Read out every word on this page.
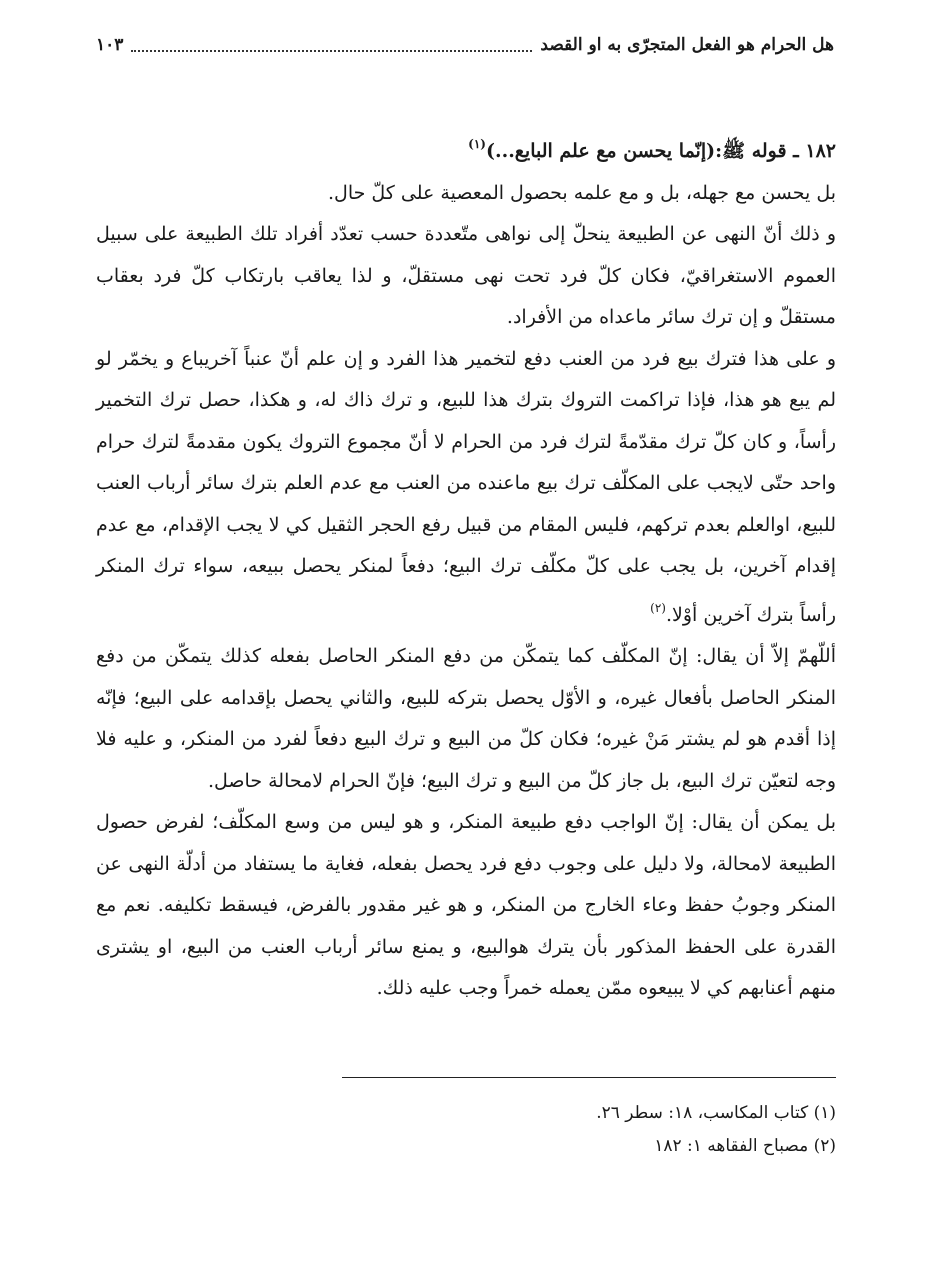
هل الحرام هو الفعل المتجرّى به او القصد
١٠٣

١٨٢ ـ قوله ﷺ:(إنّما يحسن مع علم البايع...)$^{(١)}$

بل يحسن مع جهله، بل و مع علمه بحصول المعصية على كلّ حال.

و ذلك أنّ النهى عن الطبيعة ينحلّ إلى نواهى متّعددة حسب تعدّد أفراد تلك الطبيعة على سبيل العموم الاستغراقيّ، فكان كلّ فرد تحت نهى مستقلّ، و لذا يعاقب بارتكاب كلّ فرد بعقاب مستقلّ و إن ترك سائر ماعداه من الأفراد.

و على هذا فترك بيع فرد من العنب دفع لتخمير هذا الفرد و إن علم أنّ عنباً آخريباع و يخمّر لو لم يبع هو هذا، فإذا تراكمت التروك بترك هذا للبيع، و ترك ذاك له، و هكذا، حصل ترك التخمير رأساً، و كان كلّ ترك مقدّمةً لترك فرد من الحرام لا أنّ مجموع التروك يكون مقدمةً لترك حرام واحد حتّى لايجب على المكلّف ترك بيع ماعنده من العنب مع عدم العلم بترك سائر أرباب العنب للبيع، اوالعلم بعدم تركهم، فليس المقام من قبيل رفع الحجر الثقيل كي لا يجب الإقدام، مع عدم إقدام آخرين، بل يجب على كلّ مكلّف ترك البيع؛ دفعاً لمنكر يحصل ببيعه، سواء ترك المنكر رأساً بترك آخرين أوْلا.$^{(٢)}$

أللّهمّ إلاّ أن يقال: إنّ المكلّف كما يتمكّن من دفع المنكر الحاصل بفعله كذلك يتمكّن من دفع المنكر الحاصل بأفعال غيره، و الأوّل يحصل بتركه للبيع، والثاني يحصل بإقدامه على البيع؛ فإنّه إذا أقدم هو لم يشتر مَنْ غيره؛ فكان كلّ من البيع و ترك البيع دفعاً لفرد من المنكر، و عليه فلا وجه لتعيّن ترك البيع، بل جاز كلّ من البيع و ترك البيع؛ فإنّ الحرام لامحالة حاصل.

بل يمكن أن يقال: إنّ الواجب دفع طبيعة المنكر، و هو ليس من وسع المكلّف؛ لفرض حصول الطبيعة لامحالة، ولا دليل على وجوب دفع فرد يحصل بفعله، فغاية ما يستفاد من أدلّة النهى عن المنكر وجوبُ حفظ وعاء الخارج من المنكر، و هو غير مقدور بالفرض، فيسقط تكليفه. نعم مع القدرة على الحفظ المذكور بأن يترك هوالبيع، و يمنع سائر أرباب العنب من البيع، او يشترى منهم أعنابهم كي لا يبيعوه ممّن يعمله خمراً وجب عليه ذلك.

(١) كتاب المكاسب، ١٨: سطر ٢٦.

(٢) مصباح الفقاهه ١: ١٨٢
